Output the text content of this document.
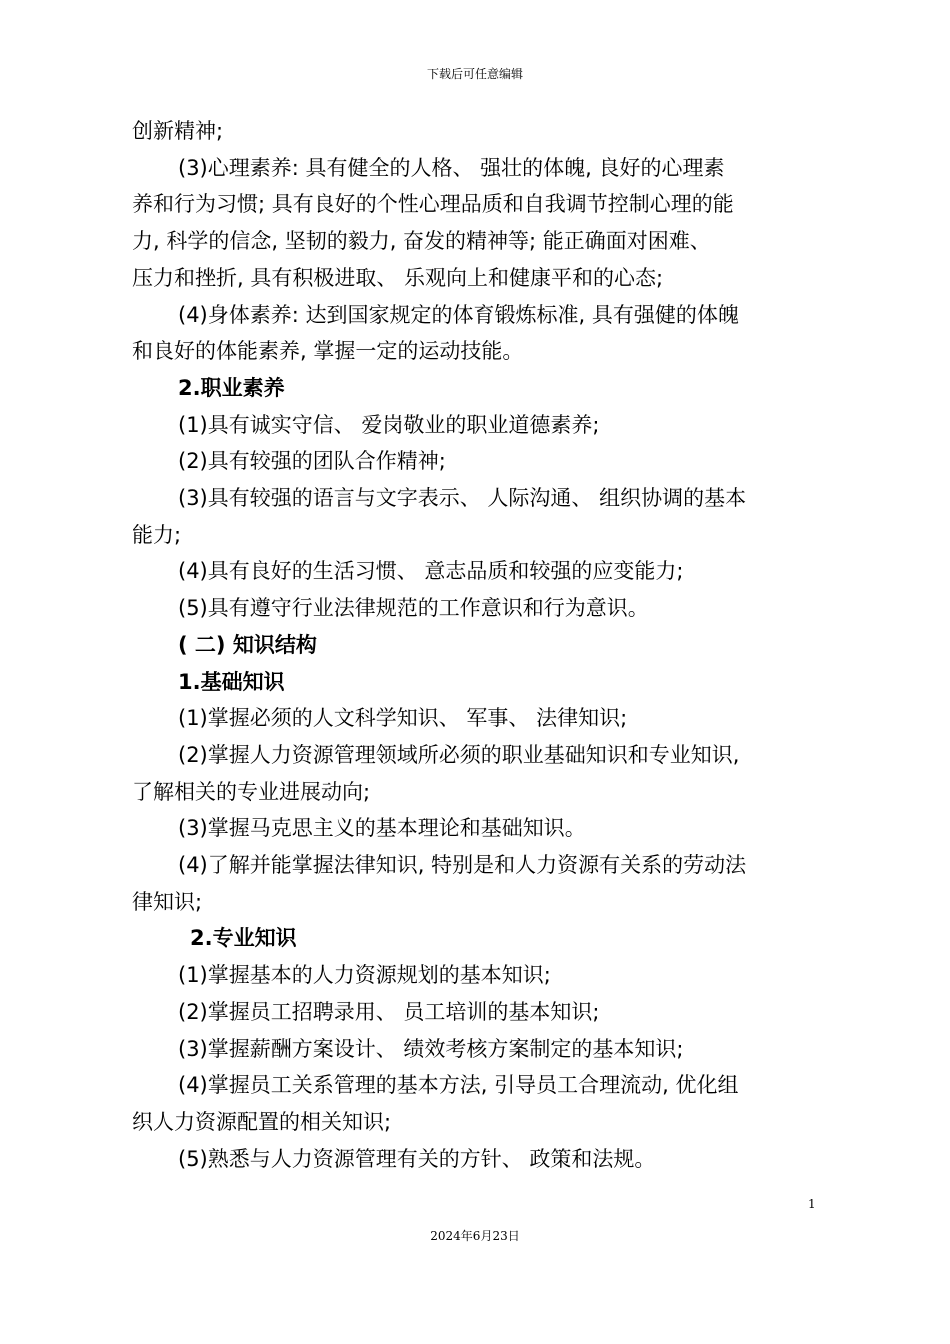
下载后可任意编辑

创新精神;

(3)心理素养: 具有健全的人格、 强壮的体魄, 良好的心理素

养和行为习惯; 具有良好的个性心理品质和自我调节控制心理的能

力, 科学的信念, 坚韧的毅力, 奋发的精神等; 能正确面对困难、

压力和挫折, 具有积极进取、 乐观向上和健康平和的心态;

(4)身体素养: 达到国家规定的体育锻炼标准, 具有强健的体魄

和良好的体能素养, 掌握一定的运动技能。

2.职业素养

(1)具有诚实守信、 爱岗敬业的职业道德素养;

(2)具有较强的团队合作精神;

(3)具有较强的语言与文字表示、 人际沟通、 组织协调的基本

能力;

(4)具有良好的生活习惯、 意志品质和较强的应变能力;

(5)具有遵守行业法律规范的工作意识和行为意识。

( 二) 知识结构

1.基础知识

(1)掌握必须的人文科学知识、 军事、 法律知识;

(2)掌握人力资源管理领域所必须的职业基础知识和专业知识,

了解相关的专业进展动向;

(3)掌握马克思主义的基本理论和基础知识。

(4)了解并能掌握法律知识, 特别是和人力资源有关系的劳动法

律知识;

2.专业知识

(1)掌握基本的人力资源规划的基本知识;

(2)掌握员工招聘录用、 员工培训的基本知识;

(3)掌握薪酬方案设计、 绩效考核方案制定的基本知识;

(4)掌握员工关系管理的基本方法, 引导员工合理流动, 优化组

织人力资源配置的相关知识;

(5)熟悉与人力资源管理有关的方针、 政策和法规。

1
2024年6月23日
